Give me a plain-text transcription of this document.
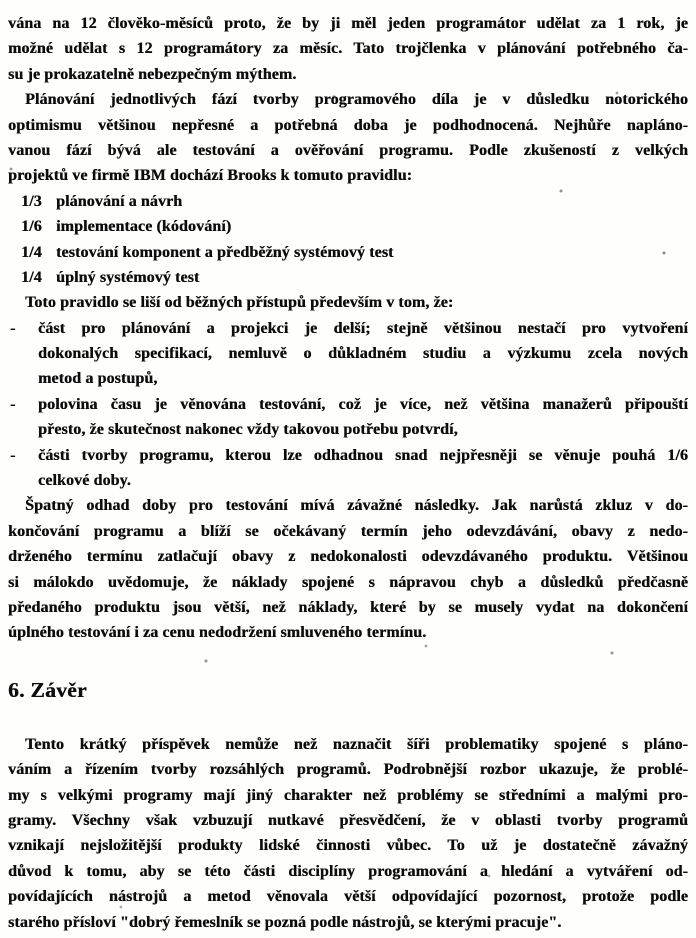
vána na 12 člověko-měsíců proto, že by ji měl jeden programátor udělat za 1 rok, je
možné udělat s 12 programátory za měsíc. Tato trojčlenka v plánování potřebného ča-
su je prokazatelně nebezpečným mýthem.
Plánování jednotlivých fází tvorby programového díla je v důsledku notorického
optimismu většinou nepřesné a potřebná doba je podhodnocená. Nejhůře napláno-
vanou fází bývá ale testování a ověřování programu. Podle zkušeností z velkých
projektů ve firmě IBM dochází Brooks k tomuto pravidlu:
1/3 plánování a návrh
1/6 implementace (kódování)
1/4 testování komponent a předběžný systémový test
1/4 úplný systémový test
Toto pravidlo se liší od běžných přístupů především v tom, že:
- část pro plánování a projekci je delší; stejně většinou nestačí pro vytvoření
dokonalých specifikací, nemluvě o důkladném studiu a výzkumu zcela nových
metod a postupů,
- polovina času je věnována testování, což je více, než většina manažerů připouští
přesto, že skutečnost nakonec vždy takovou potřebu potvrdí,
- části tvorby programu, kterou lze odhadnou snad nejpřesněji se věnuje pouhá 1/6
celkové doby.
Špatný odhad doby pro testování mívá závažné následky. Jak narůstá zkluz v do-
končování programu a blíží se očekávaný termín jeho odevzdávání, obavy z nedo-
drženého termínu zatlačují obavy z nedokonalosti odevzdávaného produktu. Většinou
si málokdo uvědomuje, že náklady spojené s nápravou chyb a důsledků předčasně
předaného produktu jsou větší, než náklady, které by se musely vydat na dokončení
úplného testování i za cenu nedodržení smluveného termínu.
6. Závěr
Tento krátký příspěvek nemůže než naznačit šíři problematiky spojené s pláno-
váním a řízením tvorby rozsáhlých programů. Podrobnější rozbor ukazuje, že problé-
my s velkými programy mají jiný charakter než problémy se středními a malými pro-
gramy. Všechny však vzbuzují nutkavé přesvědčení, že v oblasti tvorby programů
vznikají nejsložitější produkty lidské činnosti vůbec. To už je dostatečně závažný
důvod k tomu, aby se této části disciplíny programování a hledání a vytváření od-
povídajících nástrojů a metod věnovala větší odpovídající pozornost, protože podle
starého přísloví "dobrý řemeslník se pozná podle nástrojů, se kterými pracuje".
